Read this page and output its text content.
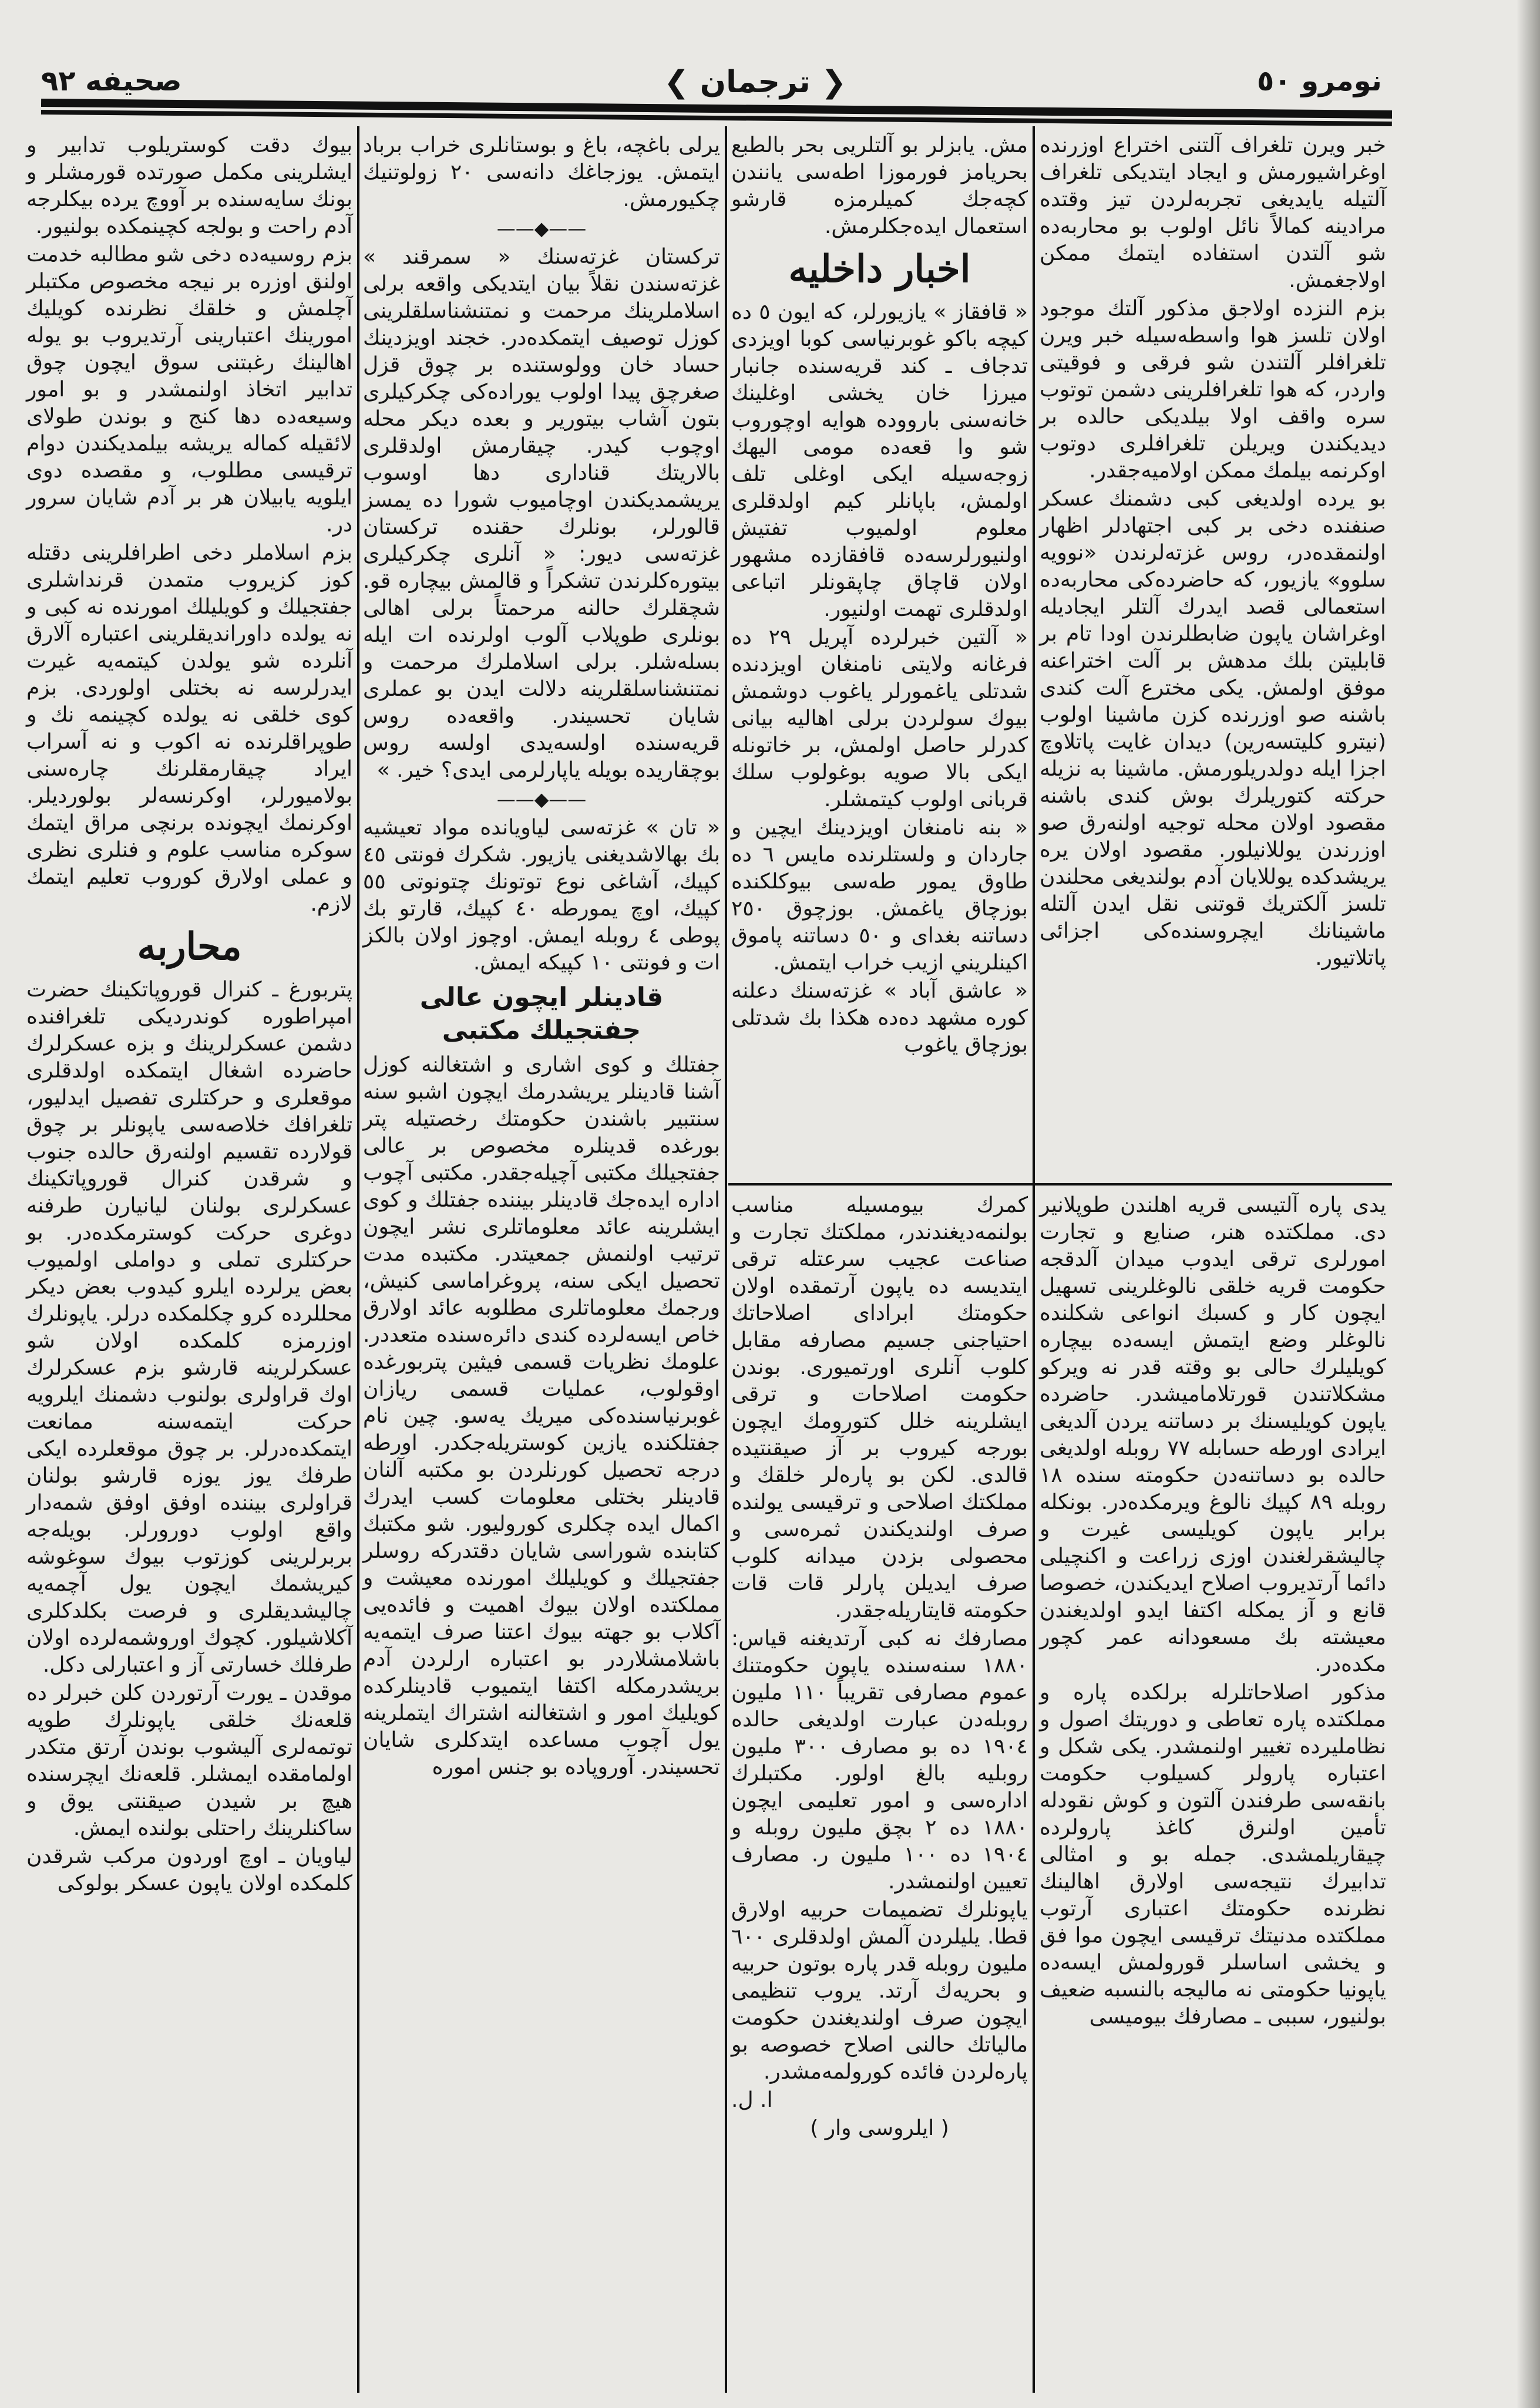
نومرو ٥٠
❮ ترجمان ❯
صحيفه ٩٢

خبر ويرن تلغراف آلتنى اختراع اوزرنده اوغراشيورمش و ايجاد ايتديكى تلغراف آلتيله يايديغى تجربه‌لردن تيز وقتده مرادينه كمالاً نائل اولوب بو محاربه‌ده شو آلتدن استفاده ايتمك ممكن اولاجغمش.

بزم النزده اولاجق مذكور آلتك موجود اولان تلسز هوا واسطه‌سيله خبر ويرن تلغرافلر آلتندن شو فرقى و فوقيتى واردر، كه هوا تلغرافلرينى دشمن توتوب سره واقف اولا بيلديكى حالده بر ديديكندن ويريلن تلغرافلرى دوتوب اوكرنمه بيلمك ممكن اولاميه‌جقدر.

بو يرده اولديغى كبى دشمنك عسكر صنفنده دخى بر كبى اجتهادلر اظهار اولنمقده‌در، روس غزته‌لرندن «نوويه سلوو» يازيور، كه حاضرده‌كى محاربه‌ده استعمالى قصد ايدرك آلتلر ايجاديله اوغراشان ياپون ضابطلرندن اودا تام بر قابليتن بلك مدهش بر آلت اختراعنه موفق اولمش. يكى مخترع آلت كندى باشنه صو اوزرنده كزن ماشينا اولوب (نيترو كليتسه‌رين) ديدان غايت پاتلاوچ اجزا ايله دولدريلورمش. ماشينا به نزيله حركته كتوريلرك بوش كندى باشنه مقصود اولان محله توجيه اولنه‌رق صو اوزرندن يوللانيلور. مقصود اولان يره يريشدكده يوللايان آدم بولنديغى محلندن تلسز آلكتريك قوتنى نقل ايدن آلتله ماشينانك ايچروسنده‌كى اجزائى پاتلاتيور.

يدى پاره آلتيسى قريه اهلندن طوپلانير دى. مملكتده هنر، صنايع و تجارت امورلرى ترقى ايدوب ميدان آلدقجه حكومت قريه خلقى نالوغلرينى تسهيل ايچون كار و كسبك انواعى شكلنده نالوغلر وضع ايتمش ايسه‌ده بيچاره كويليلرك حالى بو وقته قدر نه ويركو مشكلاتندن قورتلاماميشدر. حاضرده ياپون كويليسنك بر دساتنه يردن آلديغى ايرادى اورطه حسابله ٧٧ روبله اولديغى حالده بو دساتنه‌دن حكومته سنده ١٨ روبله ٨٩ كپيك نالوغ ويرمكده‌در. بونكله برابر ياپون كويليسى غيرت و چاليشقرلغندن اوزى زراعت و اكنچيلى دائما آرتديروب اصلاح ايديكندن، خصوصا قانع و آز يمكله اكتفا ايدو اولديغندن معيشته بك مسعودانه عمر كچور مكده‌در.

مذكور اصلاحاتلرله برلكده پاره و مملكتده پاره تعاطى و دوريتك اصول و نظامليرده تغيير اولنمشدر. يكى شكل و اعتباره پارولر كسيلوب حكومت بانقه‌سى طرفندن آلتون و كوش نقودله تأمين اولنرق كاغذ پارولرده چيقاريلمشدى. جمله بو و امثالى تدابيرك نتيجه‌سى اولارق اهالينك نظرنده حكومتك اعتبارى آرتوب مملكتده مدنيتك ترقيسى ايچون موا فق و يخشى اساسلر قورولمش ايسه‌ده ياپونيا حكومتى نه ماليجه بالنسبه ضعيف بولنيور، سببى ـ مصارفك بيوميسى

مش. يابزلر بو آلتلريى بحر بالطبع بحريامز فورموزا اطه‌سى يانندن كچه‌جك كميلرمزه قارشو استعمال ايده‌جكلرمش.

اخبار داخليه

« قافقاز » يازيورلر، كه ايون ٥ ده كيچه باكو غوبرنياسى كوبا اويزدى تدجاف ـ كند قريه‌سنده جانبار ميرزا خان يخشى اوغلينك خانه‌سنى بارووده هوايه اوچوروب شو وا قعه‌ده مومى اليهك زوجه‌سيله ايكى اوغلى تلف اولمش، باپانلر كيم اولدقلرى معلوم اولميوب تفتيش اولنيورلرسه‌ده قافقازده مشهور اولان قاچاق چاپقونلر اتباعى اولدقلرى تهمت اولنيور.

« آلتين خبرلرده آپريل ٢٩ ده فرغانه ولايتى نامنغان اويزدنده شدتلى ياغمورلر ياغوب دوشمش بيوك سولردن برلى اهاليه بيانى كدرلر حاصل اولمش، بر خاتونله ايكى بالا صويه بوغولوب سلك قربانى اولوب كيتمشلر.

« بنه نامنغان اويزدينك ايچين و جاردان و ولستلرنده مايس ٦ ده طاوق يمور طه‌سى بيوكلكنده بوزچاق ياغمش. بوزچوق ٢٥٠ دساتنه بغداى و ٥٠ دساتنه پاموق اكينلريني ازيب خراب ايتمش.

« عاشق آباد » غزته‌سنك دعلنه كوره مشهد ده‌ده هكذا بك شدتلى بوزچاق ياغوب

كمرك بيومسيله مناسب بولنمه‌ديغندندر، مملكتك تجارت و صناعت عجيب سرعتله ترقى ايتديسه ده ياپون آرتمقده اولان حكومتك ابراداى اصلاحاتك احتياجنى جسيم مصارفه مقابل كلوب آنلرى اورتميورى. بوندن حكومت اصلاحات و ترقى ايشلرينه خلل كتورومك ايچون بورجه كيروب بر آز صيقنتيده قالدى. لكن بو پارەلر خلقك و مملكتك اصلاحى و ترقيسى يولنده صرف اولنديكندن ثمره‌سى و محصولى بزدن ميدانه كلوب صرف ايديلن پارلر قات قات حكومته قايتاريله‌جقدر.

مصارفك نه كبى آرتديغنه قياس: ١٨٨٠ سنه‌سنده ياپون حكومتنك عموم مصارفى تقريباً ١١٠ مليون روبله‌دن عبارت اولديغى حالده ١٩٠٤ ده بو مصارف ٣٠٠ مليون روبليه بالغ اولور. مكتبلرك ادارەسى و امور تعليمى ايچون ١٨٨٠ ده ٢ بچق مليون روبله و ١٩٠٤ ده ١٠٠ مليون ر. مصارف تعيين اولنمشدر.

ياپونلرك تضميمات حربيه اولارق قطا. يليلردن آلمش اولدقلرى ٦٠٠ مليون روبله قدر پاره بوتون حربيه و بحريه‌ك آرتد. يروب تنظيمى ايچون صرف اولنديغندن حكومت مالياتك حالنى اصلاح خصوصه بو پارەلردن فائده كورولمه‌مشدر.

ا. ل.

( ايلروسى وار )

يرلى باغچه، باغ و بوستانلرى خراب برباد ايتمش. يوزجاغك دانه‌سى ٢٠ زولوتنيك چكيورمش.

——◆——

تركستان غزته‌سنك « سمرقند » غزته‌سندن نقلاً بيان ايتديكى واقعه برلى اسلاملرينك مرحمت و نمتنشناسلقلرينى كوزل توصيف ايتمكده‌در. خجند اويزدينك حساد خان وولوستنده بر چوق قزل صغرچق پيدا اولوب يوراده‌كى چكركيلرى بتون آشاب بيتورير و بعده ديكر محله اوچوب كيدر. چيقارمش اولدقلرى بالاريتك قنادارى دها اوسوب يريشمديكندن اوچاميوب شورا ده يمسز قالورلر، بونلرك حقنده تركستان غزته‌سى ديور: « آنلرى چكركيلرى بيتوره‌كلرندن تشكراً و قالمش بيچاره قو. شچقلرك حالنه مرحمتاً برلى اهالى بونلرى طوپلاب آلوب اولرنده ات ايله بسله‌شلر. برلى اسلاملرك مرحمت و نمتنشناسلقلرينه دلالت ايدن بو عملرى شايان تحسيندر. واقعه‌ده روس قريه‌سنده اولسه‌يدى اولسه روس بوچقاريده بويله ياپارلرمى ايدى؟ خير. »

——◆——

« تان » غزته‌سى لياويانده مواد تعيشيه بك بهالاشديغنى يازيور. شكرك فونتى ٤٥ كپيك، آشاغى نوع توتونك چتونوتى ٥٥ كپيك، اوچ يمورطه ٤٠ كپيك، قارتو بك پوطى ٤ روبله ايمش. اوچوز اولان بالكز ات و فونتى ١٠ كپيكه ايمش.

قادينلر ايچون عالى جفتجيلك مكتبى

جفتلك و كوى اشارى و اشتغالنه كوزل آشنا قادينلر يريشدرمك ايچون اشبو سنه سنتبير باشندن حكومتك رخصتيله پتر بورغده قدينلره مخصوص بر عالى جفتجيلك مكتبى آچيله‌جقدر. مكتبى آچوب اداره ايده‌جك قادينلر بيننده جفتلك و كوى ايشلرينه عائد معلوماتلرى نشر ايچون ترتيب اولنمش جمعيتدر. مكتبده مدت تحصيل ايكى سنه، پروغراماسى كنيش، ورجمك معلوماتلرى مطلوبه عائد اولارق خاص ايسه‌لرده كندى دائره‌سنده متعددر. علومك نظريات قسمى فيثين پتربورغده اوقولوب، عمليات قسمى ريازان غوبرنياسنده‌كى ميريك يه‌سو. چين نام جفتلكنده يازين كوستريله‌جكدر. اورطه درجه تحصيل كورنلردن بو مكتبه آلنان قادينلر بختلى معلومات كسب ايدرك اكمال ايده چكلرى كوروليور. شو مكتبك كتابنده شوراسى شايان دقتدركه روسلر جفتجيلك و كويليلك امورنده معيشت و مملكتده اولان بيوك اهميت و فائده‌يى آكلاب بو جهته بيوك اعتنا صرف ايتمه‌يه باشلامشلاردر بو اعتباره ارلردن آدم بريشدرمكله اكتفا ايتميوب قادينلركده كويليك امور و اشتغالنه اشتراك ايتملرينه يول آچوب مساعده ايتدكلرى شايان تحسيندر. آوروپاده بو جنس اموره

بيوك دقت كوستريلوب تدابير و ايشلرينى مكمل صورتده قورمشلر و بونك سايه‌سنده بر آووچ يرده بيكلرجه آدم راحت و بولجه كچينمكده بولنيور.

بزم روسيه‌ده دخى شو مطالبه خدمت اولنق اوزره بر نيجه مخصوص مكتبلر آچلمش و خلقك نظرنده كويليك امورينك اعتبارينى آرتديروب بو يوله اهالينك رغبتنى سوق ايچون چوق تدابير اتخاذ اولنمشدر و بو امور وسيعه‌ده دها كنج و بوندن طولاى لائقيله كماله يريشه بيلمديكندن دوام ترقيسى مطلوب، و مقصده دوى ايلويه يابيلان هر بر آدم شايان سرور در.

بزم اسلاملر دخى اطرافلرينى دقتله كوز كزيروب متمدن قرنداشلرى جفتجيلك و كويليلك امورنده نه كبى و نه يولده داورانديقلرينى اعتباره آلارق آنلرده شو يولدن كيتمه‌يه غيرت ايدرلرسه نه بختلى اولوردى. بزم كوى خلقى نه يولده كچينمه نك و طوپراقلرنده نه اكوب و نه آسراب ايراد چيقارمقلرنك چارەسنى بولاميورلر، اوكرنسه‌لر بولورديلر. اوكرنمك ايچونده برنچى مراق ايتمك سوكره مناسب علوم و فنلرى نظرى و عملى اولارق كوروب تعليم ايتمك لازم.

محاربه

پتربورغ ـ كنرال قوروپاتكينك حضرت امپراطوره كوندرديكى تلغرافنده دشمن عسكرلرينك و بزه عسكرلرك حاضرده اشغال ايتمكده اولدقلرى موقعلرى و حركتلرى تفصيل ايدليور، تلغرافك خلاصه‌سى ياپونلر بر چوق قولارده تقسيم اولنه‌رق حالده جنوب و شرقدن كنرال قوروپاتكينك عسكرلرى بولنان ليانيارن طرفنه دوغرى حركت كوسترمكده‌در. بو حركتلرى تملى و دواملى اولميوب بعض يرلرده ايلرو كيدوب بعض ديكر محللرده كرو چكلمكده درلر. ياپونلرك اوزرمزه كلمكده اولان شو عسكرلرينه قارشو بزم عسكرلرك اوك قراولرى بولنوب دشمنك ايلرويه حركت ايتمه‌سنه ممانعت ايتمكده‌درلر. بر چوق موقعلرده ايكى طرفك يوز يوزه قارشو بولنان قراولرى بيننده اوفق اوفق شمه‌دار واقع اولوب دورورلر. بويله‌جه بربرلرينى كوزتوب بيوك سوغوشه كيريشمك ايچون يول آچمه‌يه چاليشديقلرى و فرصت بكلدكلرى آكلاشيلور. كچوك اوروشمه‌لرده اولان طرفلك خسارتى آز و اعتبارلى دكل.

موقدن ـ يورت آرتوردن كلن خبرلر ده قلعه‌نك خلقى ياپونلرك طوپه توتمه‌لرى آليشوب بوندن آرتق متكدر اولمامقده ايمشلر. قلعه‌نك ايچرسنده هيچ بر شيدن صيقنتى يوق و ساكنلرينك راحتلى بولنده ايمش.

لياويان ـ اوچ اوردون مركب شرقدن كلمكده اولان ياپون عسكر بولوكى
